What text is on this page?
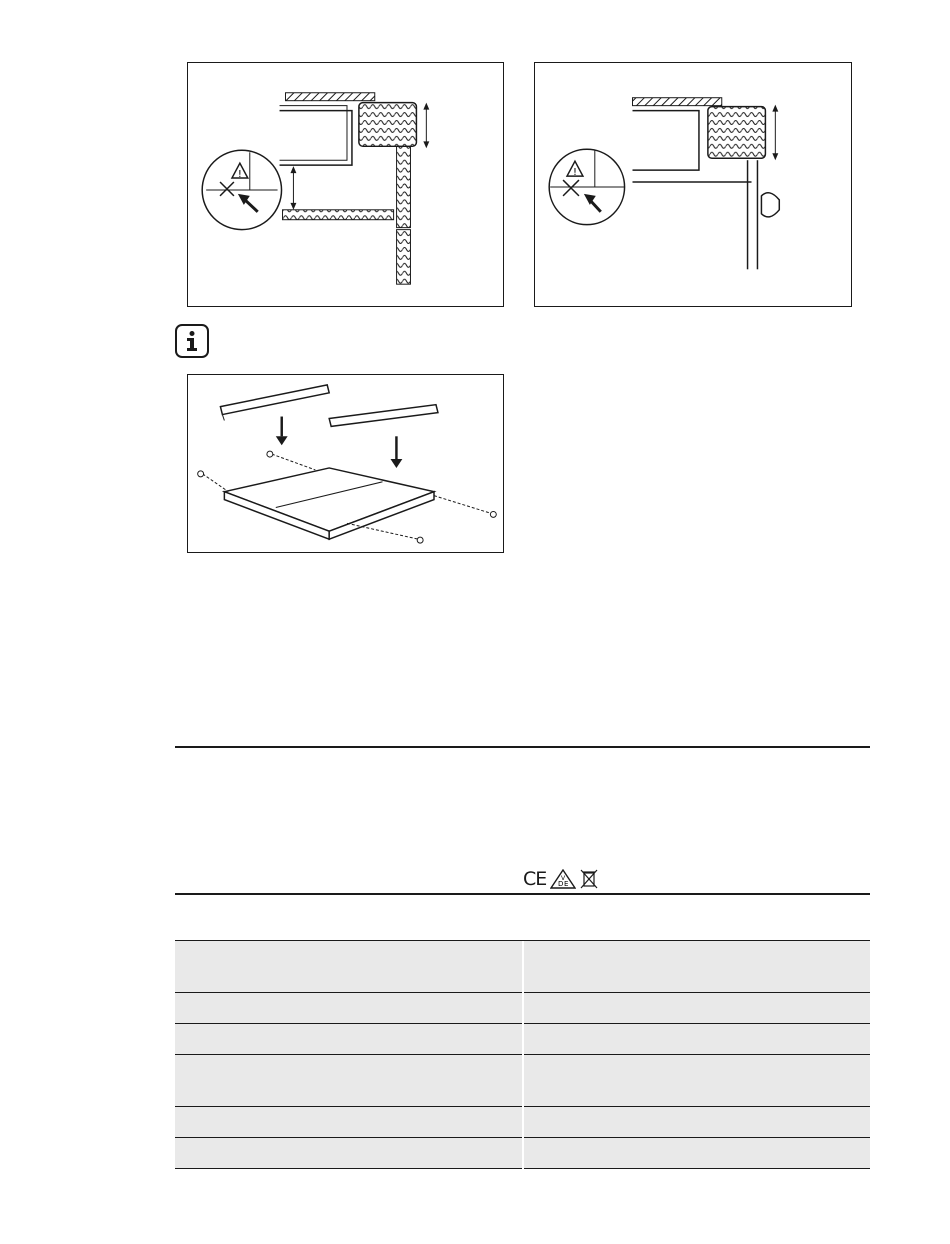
!	!
CE D E
V
